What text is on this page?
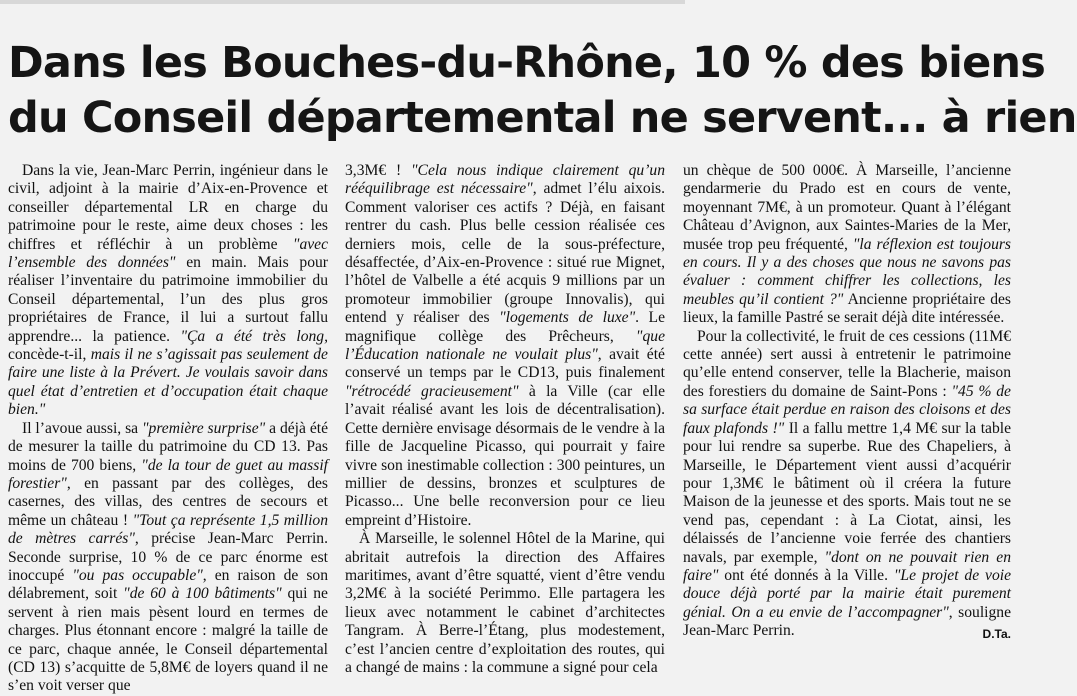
Dans les Bouches-du-Rhône, 10 % des biens
du Conseil départemental ne servent... à rien

Dans la vie, Jean-Marc Perrin, ingénieur dans le civil, adjoint à la mairie d’Aix-en-Provence et conseiller départemental LR en charge du patrimoine pour le reste, aime deux choses : les chiffres et réfléchir à un problème "avec l’ensemble des données" en main. Mais pour réaliser l’inventaire du patrimoine immobilier du Conseil départemental, l’un des plus gros propriétaires de France, il lui a surtout fallu apprendre... la patience. "Ça a été très long, concède-t-il, mais il ne s’agissait pas seulement de faire une liste à la Prévert. Je voulais savoir dans quel état d’entretien et d’occupation était chaque bien."

Il l’avoue aussi, sa "première surprise" a déjà été de mesurer la taille du patrimoine du CD 13. Pas moins de 700 biens, "de la tour de guet au massif forestier", en passant par des collèges, des casernes, des villas, des centres de secours et même un château ! "Tout ça représente 1,5 million de mètres carrés", précise Jean-Marc Perrin. Seconde surprise, 10 % de ce parc énorme est inoccupé "ou pas occupable", en raison de son délabrement, soit "de 60 à 100 bâtiments" qui ne servent à rien mais pèsent lourd en termes de charges. Plus étonnant encore : malgré la taille de ce parc, chaque année, le Conseil départemental (CD 13) s’acquitte de 5,8M€ de loyers quand il ne s’en voit verser que

3,3M€ ! "Cela nous indique clairement qu’un rééquilibrage est nécessaire", admet l’élu aixois. Comment valoriser ces actifs ? Déjà, en faisant rentrer du cash. Plus belle cession réalisée ces derniers mois, celle de la sous-préfecture, désaffectée, d’Aix-en-Provence : situé rue Mignet, l’hôtel de Valbelle a été acquis 9 millions par un promoteur immobilier (groupe Innovalis), qui entend y réaliser des "logements de luxe". Le magnifique collège des Prêcheurs, "que l’Éducation nationale ne voulait plus", avait été conservé un temps par le CD13, puis finalement "rétrocédé gracieusement" à la Ville (car elle l’avait réalisé avant les lois de décentralisation). Cette dernière envisage désormais de le vendre à la fille de Jacqueline Picasso, qui pourrait y faire vivre son inestimable collection : 300 peintures, un millier de dessins, bronzes et sculptures de Picasso... Une belle reconversion pour ce lieu empreint d’Histoire.

À Marseille, le solennel Hôtel de la Marine, qui abritait autrefois la direction des Affaires maritimes, avant d’être squatté, vient d’être vendu 3,2M€ à la société Perimmo. Elle partagera les lieux avec notamment le cabinet d’architectes Tangram. À Berre-l’Étang, plus modestement, c’est l’ancien centre d’exploitation des routes, qui a changé de mains : la commune a signé pour cela

un chèque de 500 000€. À Marseille, l’ancienne gendarmerie du Prado est en cours de vente, moyennant 7M€, à un promoteur. Quant à l’élégant Château d’Avignon, aux Saintes-Maries de la Mer, musée trop peu fréquenté, "la réflexion est toujours en cours. Il y a des choses que nous ne savons pas évaluer : comment chiffrer les collections, les meubles qu’il contient ?" Ancienne propriétaire des lieux, la famille Pastré se serait déjà dite intéressée.

Pour la collectivité, le fruit de ces cessions (11M€ cette année) sert aussi à entretenir le patrimoine qu’elle entend conserver, telle la Blacherie, maison des forestiers du domaine de Saint-Pons : "45 % de sa surface était perdue en raison des cloisons et des faux plafonds !" Il a fallu mettre 1,4 M€ sur la table pour lui rendre sa superbe. Rue des Chapeliers, à Marseille, le Département vient aussi d’acquérir pour 1,3M€ le bâtiment où il créera la future Maison de la jeunesse et des sports. Mais tout ne se vend pas, cependant : à La Ciotat, ainsi, les délaissés de l’ancienne voie ferrée des chantiers navals, par exemple, "dont on ne pouvait rien en faire" ont été donnés à la Ville. "Le projet de voie douce déjà porté par la mairie était purement génial. On a eu envie de l’accompagner", souligne Jean-Marc Perrin.	D.Ta.
